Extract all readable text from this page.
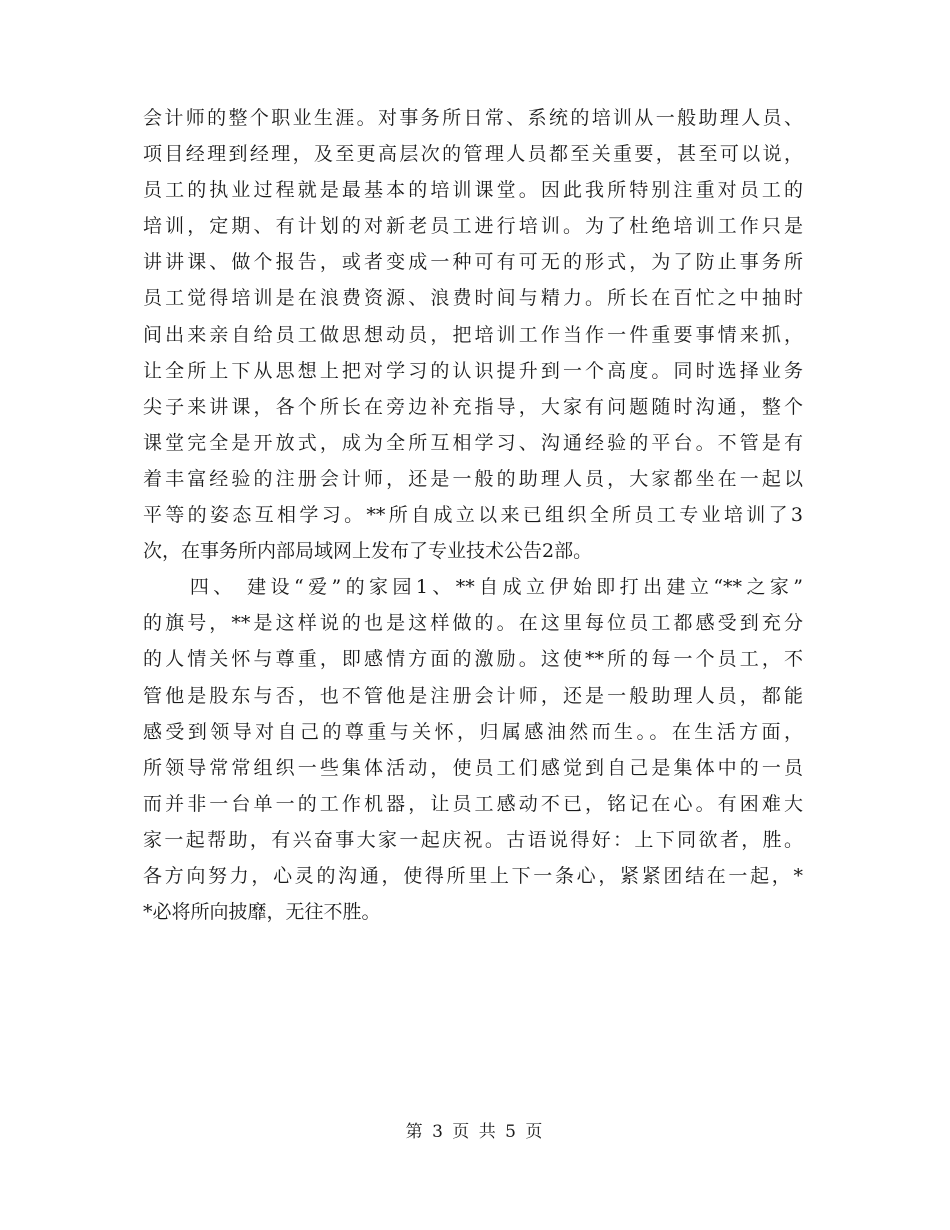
会计师的整个职业生涯。对事务所日常、系统的培训从一般助理人员、
项目经理到经理，及至更高层次的管理人员都至关重要，甚至可以说，
员工的执业过程就是最基本的培训课堂。因此我所特别注重对员工的
培训，定期、有计划的对新老员工进行培训。为了杜绝培训工作只是
讲讲课、做个报告，或者变成一种可有可无的形式，为了防止事务所
员工觉得培训是在浪费资源、浪费时间与精力。所长在百忙之中抽时
间出来亲自给员工做思想动员，把培训工作当作一件重要事情来抓，
让全所上下从思想上把对学习的认识提升到一个高度。同时选择业务
尖子来讲课，各个所长在旁边补充指导，大家有问题随时沟通，整个
课堂完全是开放式，成为全所互相学习、沟通经验的平台。不管是有
着丰富经验的注册会计师，还是一般的助理人员，大家都坐在一起以
平等的姿态互相学习。**所自成立以来已组织全所员工专业培训了3
次，在事务所内部局域网上发布了专业技术公告2部。
　　四、 建设“爱”的家园1、**自成立伊始即打出建立“**之家”
的旗号，**是这样说的也是这样做的。在这里每位员工都感受到充分
的人情关怀与尊重，即感情方面的激励。这使**所的每一个员工，不
管他是股东与否，也不管他是注册会计师，还是一般助理人员，都能
感受到领导对自己的尊重与关怀，归属感油然而生。。在生活方面，
所领导常常组织一些集体活动，使员工们感觉到自己是集体中的一员
而并非一台单一的工作机器，让员工感动不已，铭记在心。有困难大
家一起帮助，有兴奋事大家一起庆祝。古语说得好：上下同欲者，胜。
各方向努力，心灵的沟通，使得所里上下一条心，紧紧团结在一起，*
*必将所向披靡，无往不胜。
第 3 页 共 5 页
